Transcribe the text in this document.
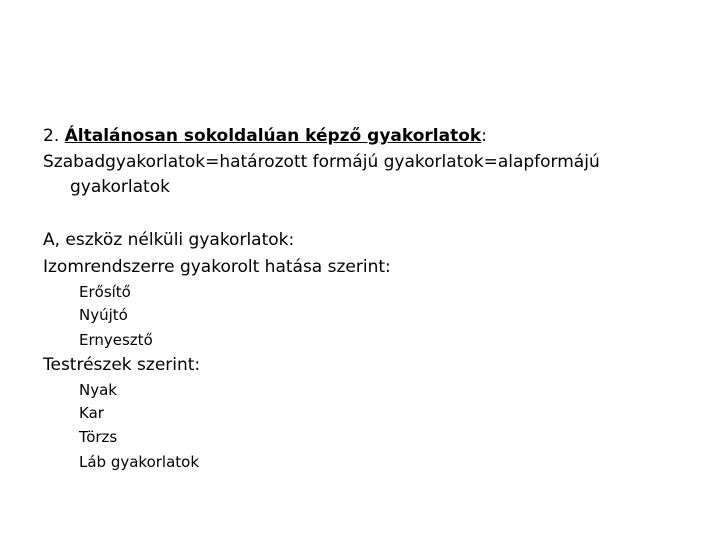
2. Általánosan sokoldalúan képző gyakorlatok:
Szabadgyakorlatok=határozott formájú gyakorlatok=alapformájú
gyakorlatok
A, eszköz nélküli gyakorlatok:
Izomrendszerre gyakorolt hatása szerint:
Erősítő
Nyújtó
Ernyesztő
Testrészek szerint:
Nyak
Kar
Törzs
Láb gyakorlatok
